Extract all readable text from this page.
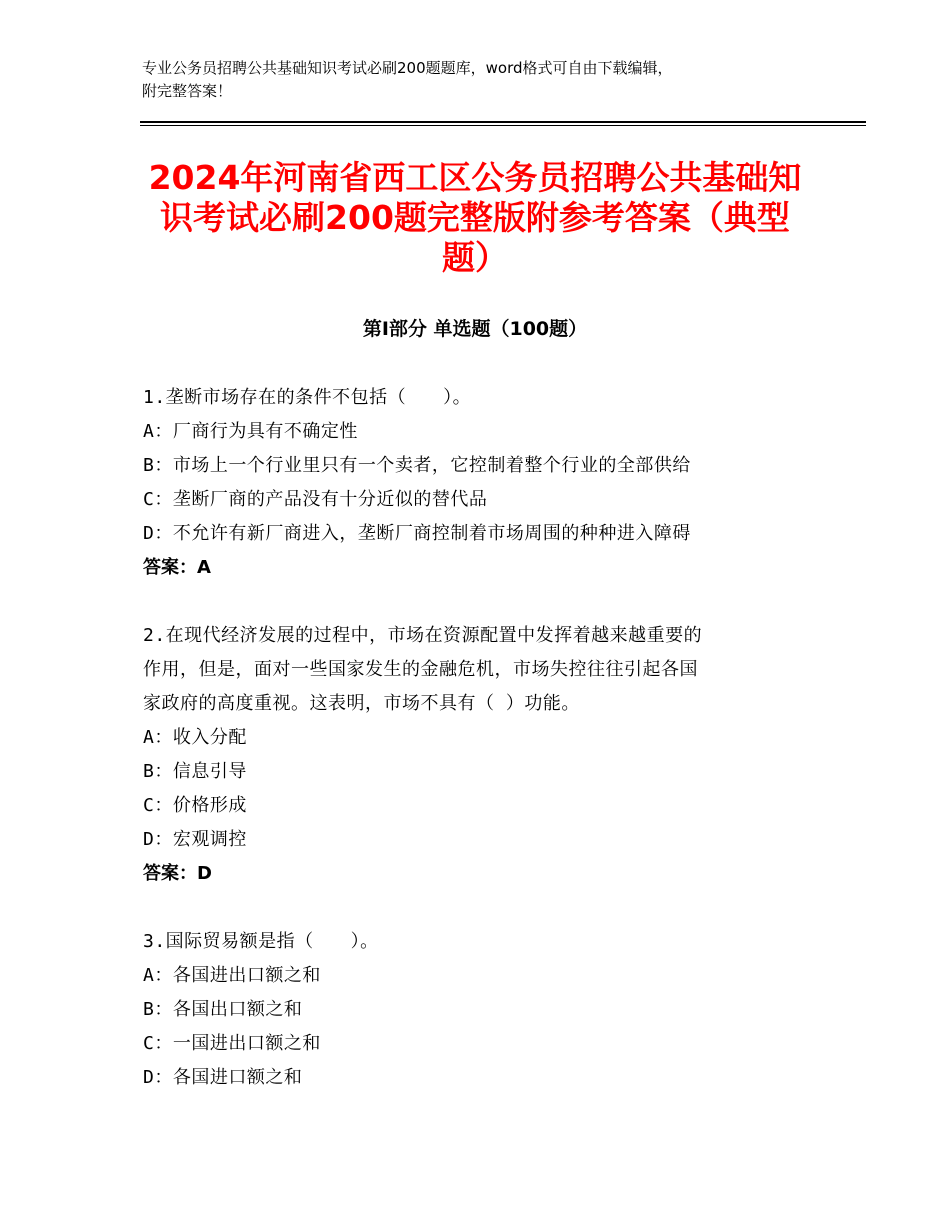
专业公务员招聘公共基础知识考试必刷200题题库，word格式可自由下载编辑，
附完整答案！
2024年河南省西工区公务员招聘公共基础知
识考试必刷200题完整版附参考答案（典型
题）
第Ⅰ部分 单选题（100题）
1.垄断市场存在的条件不包括（　　）。
A：厂商行为具有不确定性
B：市场上一个行业里只有一个卖者，它控制着整个行业的全部供给
C：垄断厂商的产品没有十分近似的替代品
D：不允许有新厂商进入，垄断厂商控制着市场周围的种种进入障碍
答案：A
2.在现代经济发展的过程中，市场在资源配置中发挥着越来越重要的
作用，但是，面对一些国家发生的金融危机，市场失控往往引起各国
家政府的高度重视。这表明，市场不具有（ ）功能。
A：收入分配
B：信息引导
C：价格形成
D：宏观调控
答案：D
3.国际贸易额是指（　　）。
A：各国进出口额之和
B：各国出口额之和
C：一国进出口额之和
D：各国进口额之和
